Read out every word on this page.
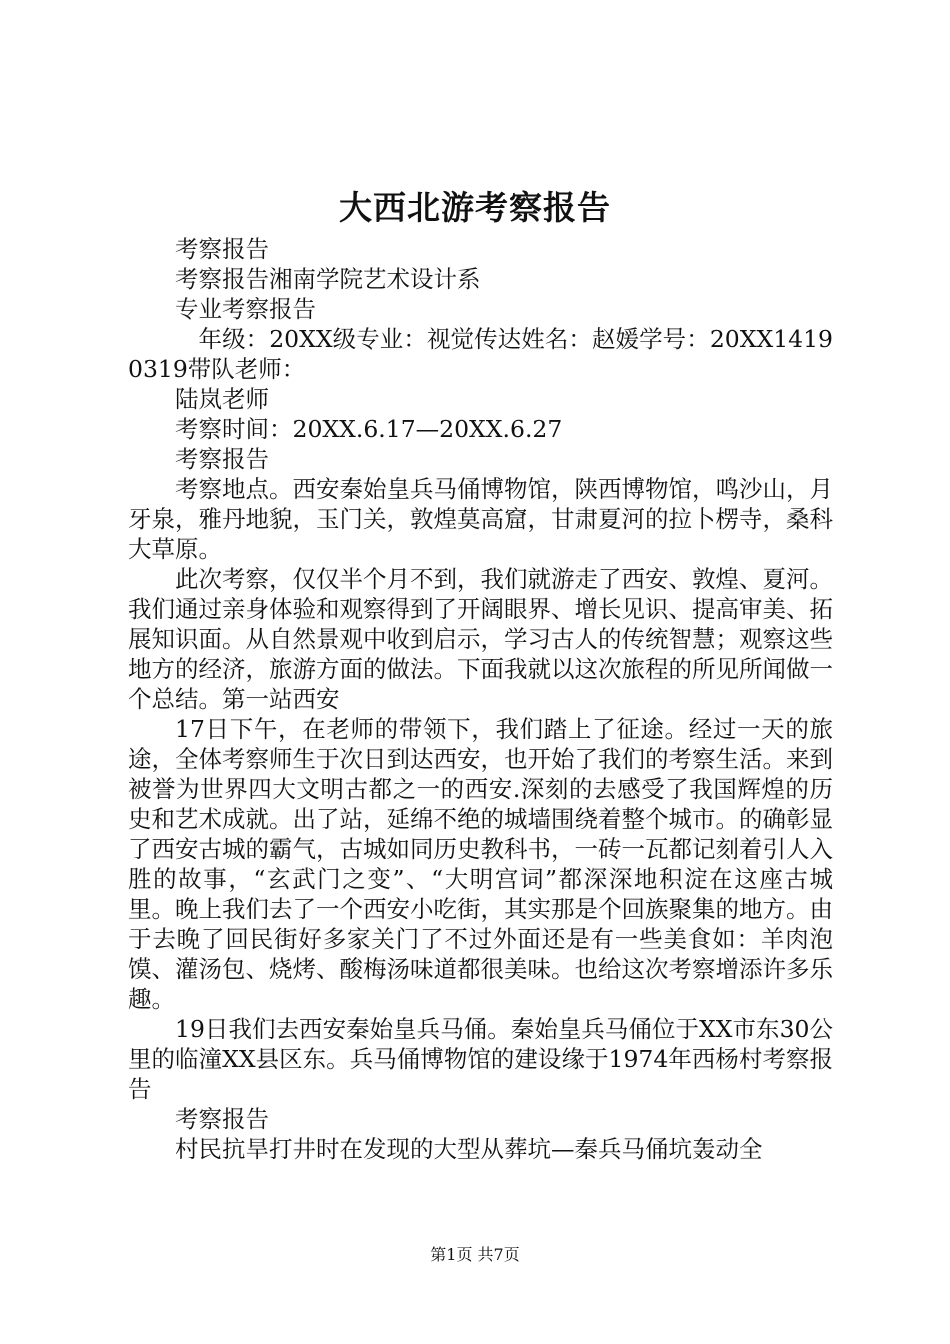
大西北游考察报告

考察报告

考察报告湘南学院艺术设计系

专业考察报告

年级：20XX级专业：视觉传达姓名：赵媛学号：20XX14190319带队老师：

陆岚老师

考察时间：20XX.6.17—20XX.6.27

考察报告

考察地点。西安秦始皇兵马俑博物馆，陕西博物馆，鸣沙山，月牙泉，雅丹地貌，玉门关，敦煌莫高窟，甘肃夏河的拉卜楞寺，桑科大草原。

此次考察，仅仅半个月不到，我们就游走了西安、敦煌、夏河。我们通过亲身体验和观察得到了开阔眼界、增长见识、提高审美、拓展知识面。从自然景观中收到启示，学习古人的传统智慧；观察这些地方的经济，旅游方面的做法。下面我就以这次旅程的所见所闻做一个总结。第一站西安

17日下午，在老师的带领下，我们踏上了征途。经过一天的旅途，全体考察师生于次日到达西安，也开始了我们的考察生活。来到被誉为世界四大文明古都之一的西安.深刻的去感受了我国辉煌的历史和艺术成就。出了站，延绵不绝的城墙围绕着整个城市。的确彰显了西安古城的霸气，古城如同历史教科书，一砖一瓦都记刻着引人入胜的故事，“玄武门之变”、“大明宫词”都深深地积淀在这座古城里。晚上我们去了一个西安小吃街，其实那是个回族聚集的地方。由于去晚了回民街好多家关门了不过外面还是有一些美食如：羊肉泡馍、灌汤包、烧烤、酸梅汤味道都很美味。也给这次考察增添许多乐趣。

19日我们去西安秦始皇兵马俑。秦始皇兵马俑位于XX市东30公里的临潼XX县区东。兵马俑博物馆的建设缘于1974年西杨村考察报告

考察报告

村民抗旱打井时在发现的大型从葬坑—秦兵马俑坑轰动全

第1页 共7页
